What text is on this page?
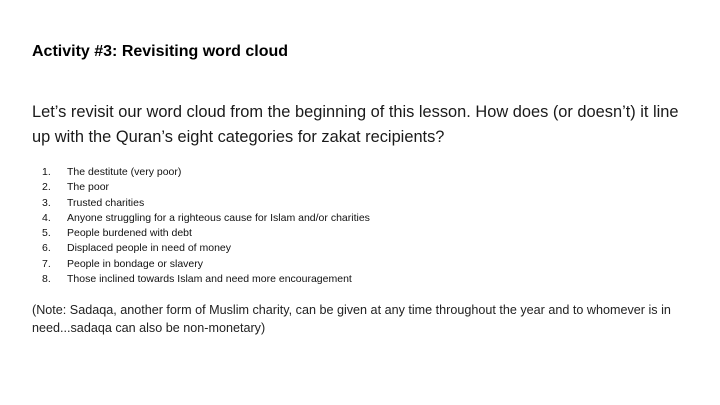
Activity #3: Revisiting word cloud
Let’s revisit our word cloud from the beginning of this lesson. How does (or doesn’t) it line up with the Quran’s eight categories for zakat recipients?
1.	The destitute (very poor)
2.	The poor
3.	Trusted charities
4.	Anyone struggling for a righteous cause for Islam and/or charities
5.	People burdened with debt
6.	Displaced people in need of money
7.	People in bondage or slavery
8.	Those inclined towards Islam and need more encouragement
(Note: Sadaqa, another form of Muslim charity, can be given at any time throughout the year and to whomever is in need...sadaqa can also be non-monetary)
